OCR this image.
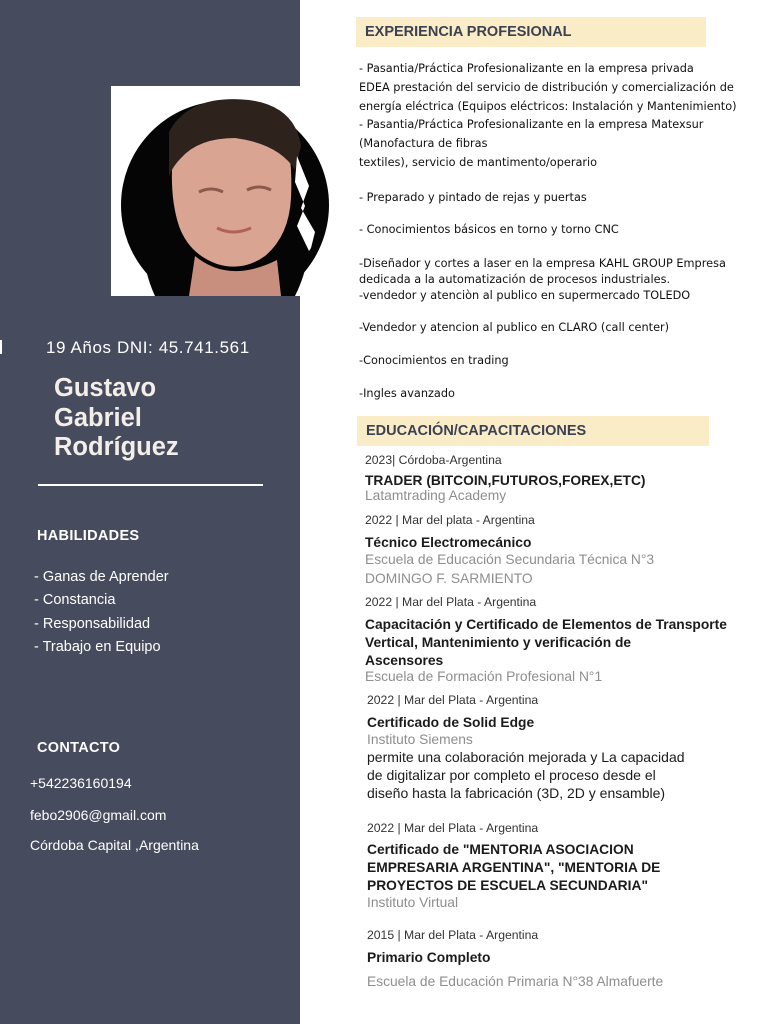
19 Años DNI: 45.741.561
Gustavo
Gabriel
Rodríguez
HABILIDADES
- Ganas de Aprender
- Constancia
- Responsabilidad
- Trabajo en Equipo
CONTACTO
+542236160194
febo2906@gmail.com
Córdoba Capital ,Argentina
EXPERIENCIA PROFESIONAL
- Pasantia/Práctica Profesionalizante en la empresa privada
EDEA prestación del servicio de distribución y comercialización de
energía eléctrica (Equipos eléctricos: Instalación y Mantenimiento)
- Pasantia/Práctica Profesionalizante en la empresa Matexsur
(Manofactura de fibras
textiles), servicio de mantimento/operario
- Preparado y pintado de rejas y puertas
- Conocimientos básicos en torno y torno CNC
-Diseñador y cortes a laser en la empresa KAHL GROUP Empresa
dedicada a la automatización de procesos industriales.
-vendedor y atenciòn al publico en supermercado TOLEDO
-Vendedor y atencion al publico en CLARO (call center)
-Conocimientos en trading
-Ingles avanzado
EDUCACIÓN/CAPACITACIONES
2023| Córdoba-Argentina
TRADER (BITCOIN,FUTUROS,FOREX,ETC)
Latamtrading Academy
2022 | Mar del plata - Argentina
Técnico Electromecánico
Escuela de Educación Secundaria Técnica N°3
DOMINGO F. SARMIENTO
2022 | Mar del Plata - Argentina
Capacitación y Certificado de Elementos de Transporte
Vertical, Mantenimiento y verificación de
Ascensores
Escuela de Formación Profesional N°1
2022 | Mar del Plata - Argentina
Certificado de Solid Edge
Instituto Siemens
permite una colaboración mejorada y La capacidad
de digitalizar por completo el proceso desde el
diseño hasta la fabricación (3D, 2D y ensamble)
2022 | Mar del Plata - Argentina
Certificado de "MENTORIA ASOCIACION
EMPRESARIA ARGENTINA", "MENTORIA DE
PROYECTOS DE ESCUELA SECUNDARIA"
Instituto Virtual
2015 | Mar del Plata - Argentina
Primario Completo
Escuela de Educación Primaria N°38 Almafuerte
